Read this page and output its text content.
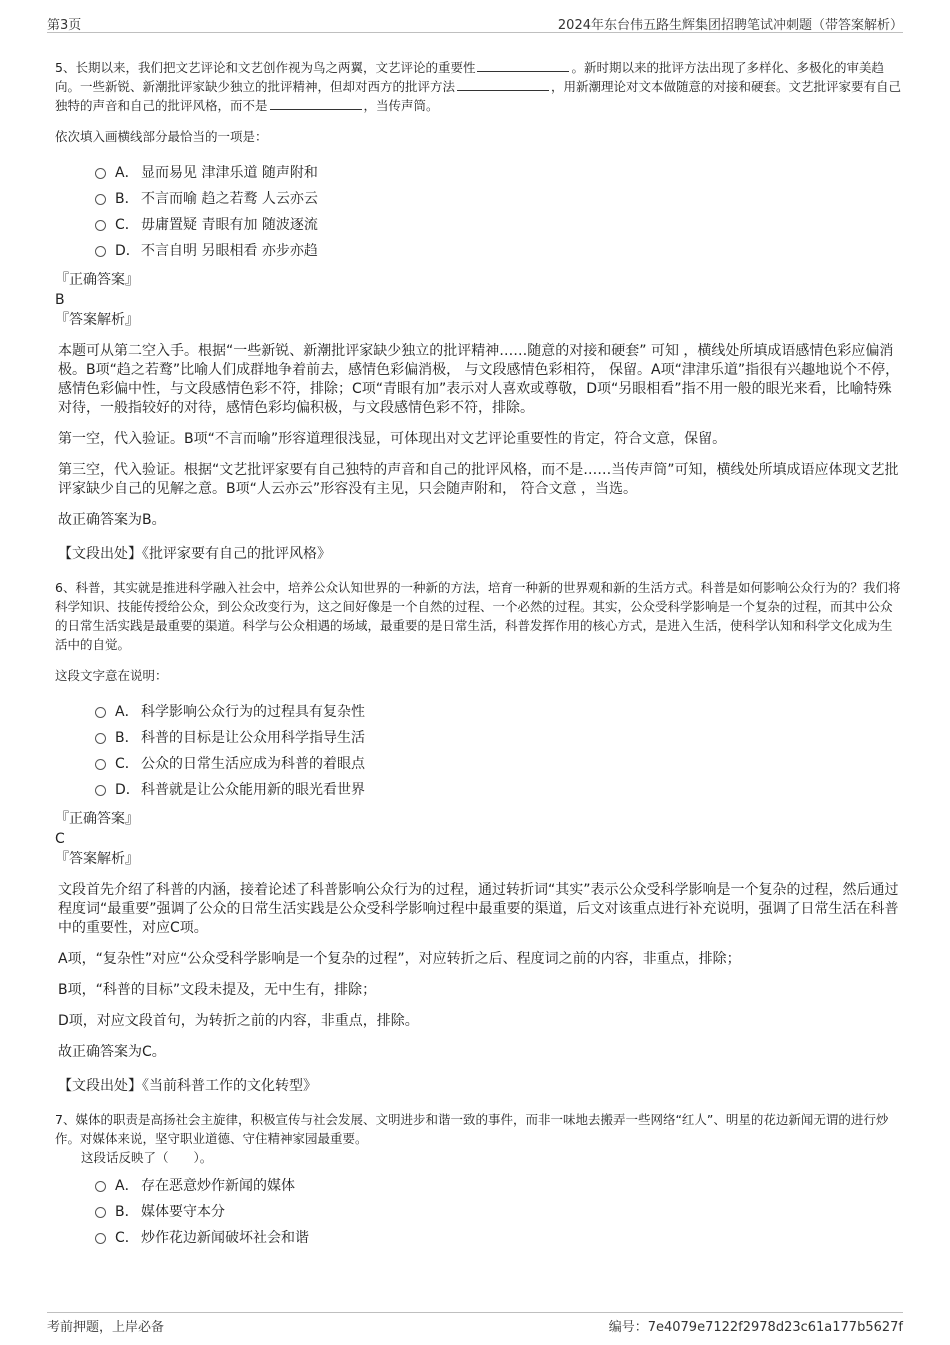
第3页	2024年东台伟五路生辉集团招聘笔试冲刺题（带答案解析）

5、长期以来，我们把文艺评论和文艺创作视为鸟之两翼，文艺评论的重要性	。新时期以来的批评方法出现了多样化、多极化的审美趋向。一些新锐、新潮批评家缺少独立的批评精神，但却对西方的批评方法	，用新潮理论对文本做随意的对接和硬套。文艺批评家要有自己独特的声音和自己的批评风格，而不是	，当传声筒。

依次填入画横线部分最恰当的一项是：

A． 显而易见 津津乐道 随声附和
B． 不言而喻 趋之若鹜 人云亦云
C． 毋庸置疑 青眼有加 随波逐流
D． 不言自明 另眼相看 亦步亦趋

『正确答案』

B

『答案解析』

本题可从第二空入手。根据“一些新锐、新潮批评家缺少独立的批评精神……随意的对接和硬套” 可知 ，横线处所填成语感情色彩应偏消极。B项“趋之若鹜”比喻人们成群地争着前去，感情色彩偏消极， 与文段感情色彩相符， 保留。A项“津津乐道”指很有兴趣地说个不停，感情色彩偏中性，与文段感情色彩不符，排除；C项“青眼有加”表示对人喜欢或尊敬，D项“另眼相看”指不用一般的眼光来看，比喻特殊对待，一般指较好的对待，感情色彩均偏积极，与文段感情色彩不符，排除。

第一空，代入验证。B项“不言而喻”形容道理很浅显，可体现出对文艺评论重要性的肯定，符合文意，保留。

第三空，代入验证。根据“文艺批评家要有自己独特的声音和自己的批评风格，而不是……当传声筒”可知，横线处所填成语应体现文艺批评家缺少自己的见解之意。B项“人云亦云”形容没有主见，只会随声附和， 符合文意 ，当选。

故正确答案为B。

【文段出处】《批评家要有自己的批评风格》

6、科普，其实就是推进科学融入社会中，培养公众认知世界的一种新的方法，培育一种新的世界观和新的生活方式。科普是如何影响公众行为的？我们将科学知识、技能传授给公众，到公众改变行为，这之间好像是一个自然的过程、一个必然的过程。其实，公众受科学影响是一个复杂的过程，而其中公众的日常生活实践是最重要的渠道。科学与公众相遇的场域，最重要的是日常生活，科普发挥作用的核心方式，是进入生活，使科学认知和科学文化成为生活中的自觉。

这段文字意在说明：

A． 科学影响公众行为的过程具有复杂性
B． 科普的目标是让公众用科学指导生活
C． 公众的日常生活应成为科普的着眼点
D． 科普就是让公众能用新的眼光看世界

『正确答案』

C

『答案解析』

文段首先介绍了科普的内涵，接着论述了科普影响公众行为的过程，通过转折词“其实”表示公众受科学影响是一个复杂的过程，然后通过程度词“最重要”强调了公众的日常生活实践是公众受科学影响过程中最重要的渠道，后文对该重点进行补充说明，强调了日常生活在科普中的重要性，对应C项。

A项，“复杂性”对应“公众受科学影响是一个复杂的过程”，对应转折之后、程度词之前的内容，非重点，排除；

B项，“科普的目标”文段未提及，无中生有，排除；

D项，对应文段首句，为转折之前的内容，非重点，排除。

故正确答案为C。

【文段出处】《当前科普工作的文化转型》

7、媒体的职责是高扬社会主旋律，积极宣传与社会发展、文明进步和谐一致的事件，而非一味地去搬弄一些网络“红人”、明星的花边新闻无谓的进行炒作。对媒体来说，坚守职业道德、守住精神家园最重要。

这段话反映了（　　）。

A． 存在恶意炒作新闻的媒体
B． 媒体要守本分
C． 炒作花边新闻破坏社会和谐
考前押题，上岸必备	编号：7e4079e7122f2978d23c61a177b5627f
